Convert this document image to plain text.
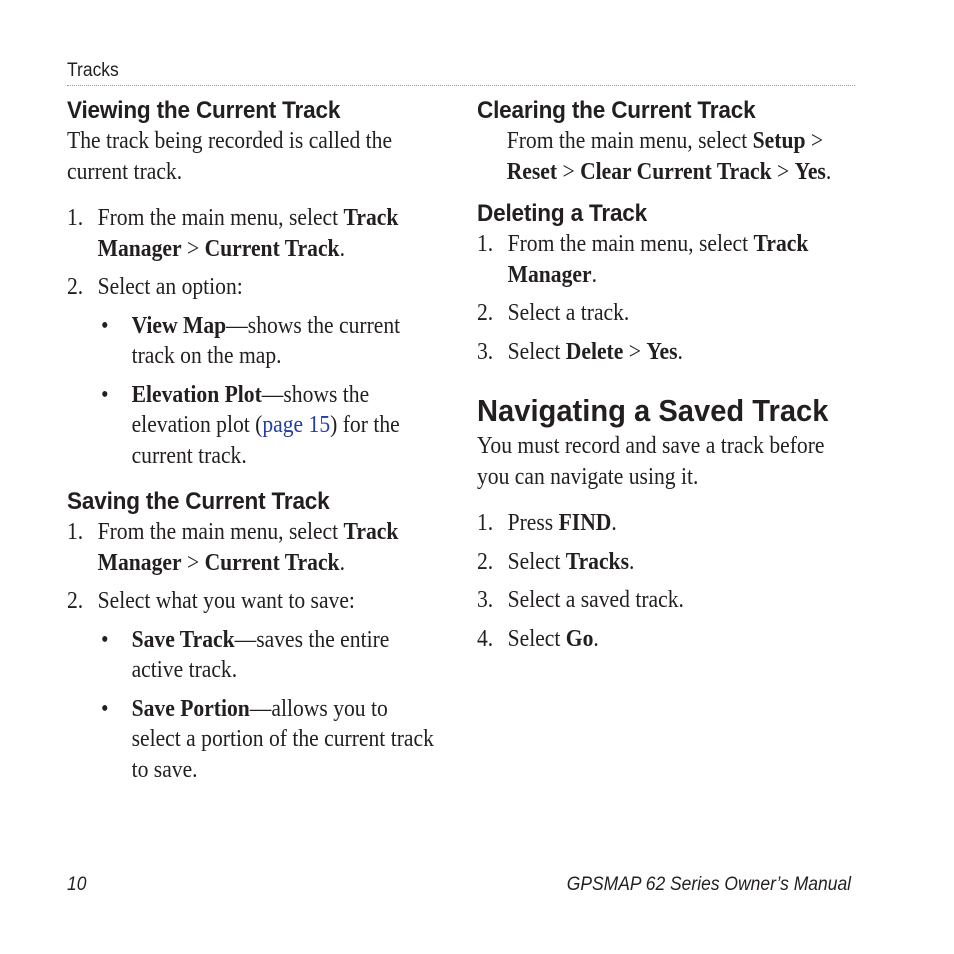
Tracks
Viewing the Current Track

The track being recorded is called the current track.

1. From the main menu, select Track Manager > Current Track.
2. Select an option:
• View Map—shows the current track on the map.
• Elevation Plot—shows the elevation plot (page 15) for the current track.
Saving the Current Track
1. From the main menu, select Track Manager > Current Track.
2. Select what you want to save:
• Save Track—saves the entire active track.
• Save Portion—allows you to select a portion of the current track to save.
Clearing the Current Track

From the main menu, select Setup > Reset > Clear Current Track > Yes.

Deleting a Track
1. From the main menu, select Track Manager.
2. Select a track.
3. Select Delete > Yes.
Navigating a Saved Track

You must record and save a track before you can navigate using it.

1. Press FIND.
2. Select Tracks.
3. Select a saved track.
4. Select Go.
10	GPSMAP 62 Series Owner’s Manual
